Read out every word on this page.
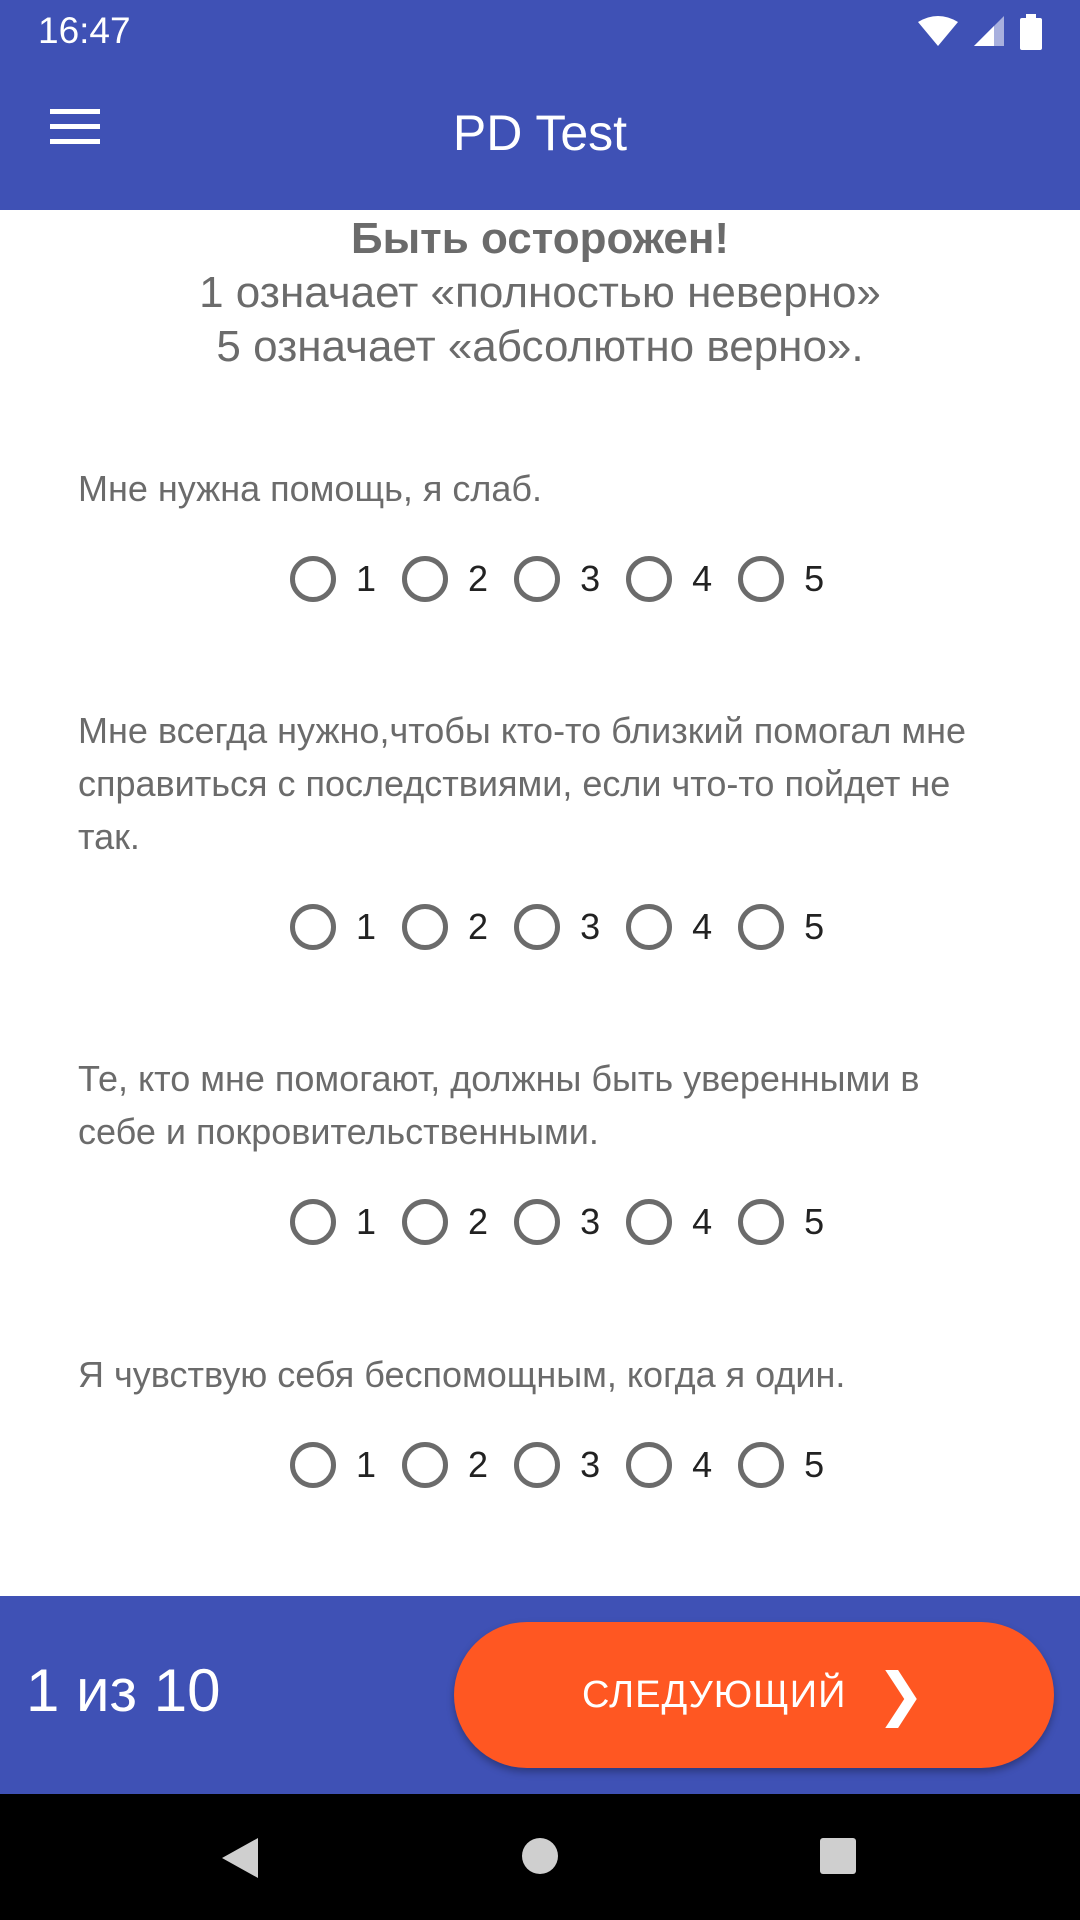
16:47
PD Test
Быть осторожен!
1 означает «полностью неверно»
5 означает «абсолютно верно».
Мне нужна помощь, я слаб.
1	2	3	4	5
Мне всегда нужно,чтобы кто-то близкий помогал мне справиться с последствиями, если что-то пойдет не так.
1	2	3	4	5
Те, кто мне помогают, должны быть уверенными в себе и покровительственными.
1	2	3	4	5
Я чувствую себя беспомощным, когда я один.
1	2	3	4	5
1 из 10	СЛЕДУЮЩИЙ ❯
